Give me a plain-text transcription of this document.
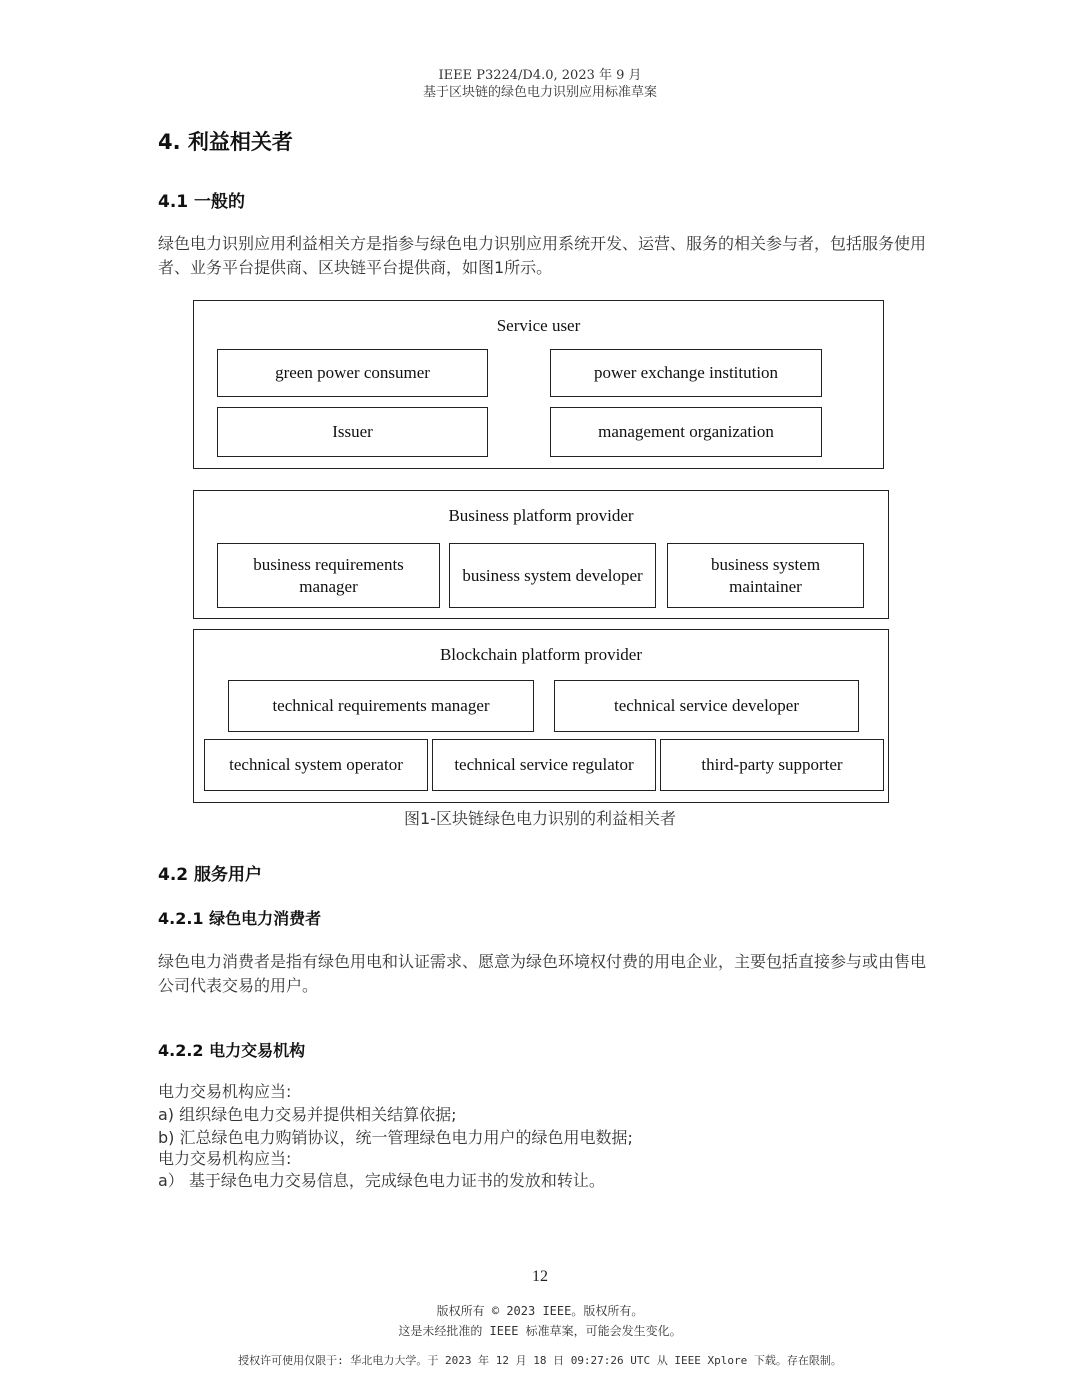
IEEE P3224/D4.0, 2023 年 9 月
基于区块链的绿色电力识别应用标准草案
4. 利益相关者
4.1 一般的
绿色电力识别应用利益相关方是指参与绿色电力识别应用系统开发、运营、服务的相关参与者，包括服务使用者、业务平台提供商、区块链平台提供商，如图1所示。
Service user
green power consumer	power exchange institution
Issuer	management organization
Business platform provider
business requirements manager
business system developer
business system maintainer
Blockchain platform provider
technical requirements manager	technical service developer
technical system operator	technical service regulator	third-party supporter
图1-区块链绿色电力识别的利益相关者
4.2 服务用户
4.2.1 绿色电力消费者
绿色电力消费者是指有绿色用电和认证需求、愿意为绿色环境权付费的用电企业，主要包括直接参与或由售电公司代表交易的用户。
4.2.2 电力交易机构
电力交易机构应当:
a) 组织绿色电力交易并提供相关结算依据;
b) 汇总绿色电力购销协议，统一管理绿色电力用户的绿色用电数据;
电力交易机构应当:
a） 基于绿色电力交易信息，完成绿色电力证书的发放和转让。
12
版权所有 © 2023 IEEE。版权所有。
这是未经批准的 IEEE 标准草案，可能会发生变化。
授权许可使用仅限于: 华北电力大学。于 2023 年 12 月 18 日 09:27:26 UTC 从 IEEE Xplore 下载。存在限制。
